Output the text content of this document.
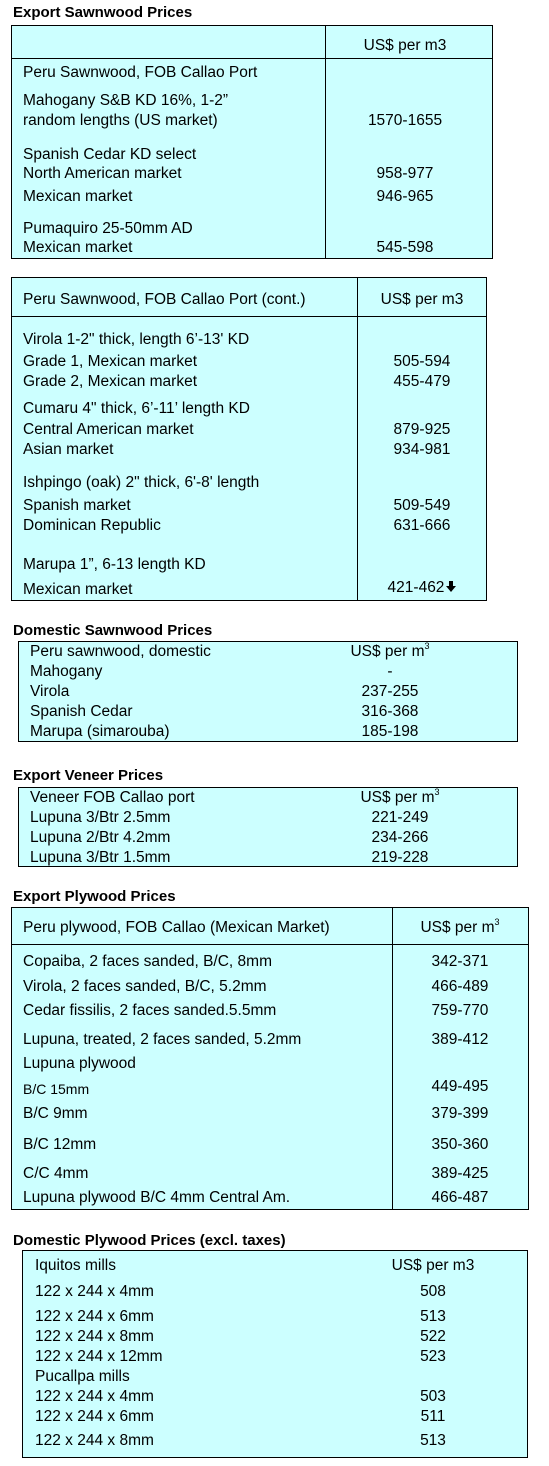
Export Sawnwood Prices
US$ per m3
Peru Sawnwood, FOB Callao Port
Mahogany S&B KD 16%, 1-2”
random lengths (US market)	1570-1655
Spanish Cedar KD select
North American market	958-977
Mexican market	946-965
Pumaquiro 25-50mm AD
Mexican market	545-598
Peru Sawnwood, FOB Callao Port (cont.)	US$ per m3
Virola 1-2" thick, length 6’-13' KD
Grade 1, Mexican market	505-594
Grade 2, Mexican market	455-479
Cumaru 4" thick, 6’-11’ length KD
Central American market	879-925
Asian market	934-981
Ishpingo (oak) 2" thick, 6'-8' length
Spanish market	509-549
Dominican Republic	631-666
Marupa 1”, 6-13 length KD
Mexican market	421-462
Domestic Sawnwood Prices
Peru sawnwood, domestic	US$ per $m^3$
Mahogany	-
Virola	237-255
Spanish Cedar	316-368
Marupa (simarouba)	185-198
Export Veneer Prices
Veneer FOB Callao port	US$ per $m^3$
Lupuna 3/Btr 2.5mm	221-249
Lupuna 2/Btr 4.2mm	234-266
Lupuna 3/Btr 1.5mm	219-228
Export Plywood Prices
Peru plywood, FOB Callao (Mexican Market)	US$ per $m^3$
Copaiba, 2 faces sanded, B/C, 8mm	342-371
Virola, 2 faces sanded, B/C, 5.2mm	466-489
Cedar fissilis, 2 faces sanded.5.5mm	759-770
Lupuna, treated, 2 faces sanded, 5.2mm	389-412
Lupuna plywood
B/C 15mm	449-495
B/C 9mm	379-399
B/C 12mm	350-360
C/C 4mm	389-425
Lupuna plywood B/C 4mm Central Am.	466-487
Domestic Plywood Prices (excl. taxes)
Iquitos mills	US$ per m3
122 x 244 x 4mm	508
122 x 244 x 6mm	513
122 x 244 x 8mm	522
122 x 244 x 12mm	523
Pucallpa mills
122 x 244 x 4mm	503
122 x 244 x 6mm	511
122 x 244 x 8mm	513
